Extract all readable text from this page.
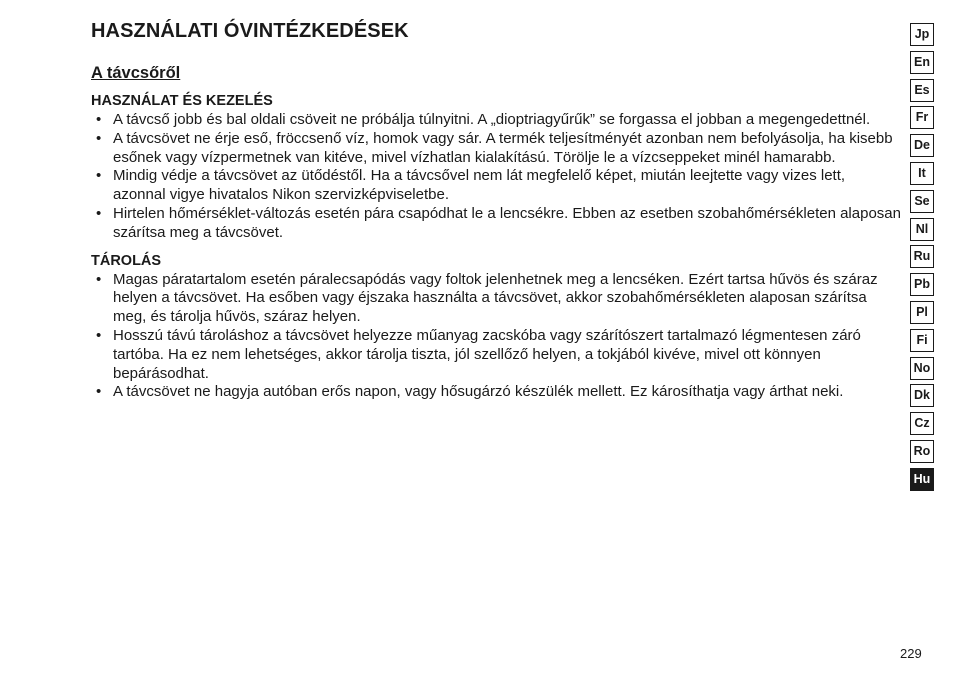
HASZNÁLATI ÓVINTÉZKEDÉSEK
A távcsőről
HASZNÁLAT ÉS KEZELÉS
• A távcső jobb és bal oldali csöveit ne próbálja túlnyitni. A „dioptriagyűrűk” se forgassa el jobban a megengedettnél.
• A távcsövet ne érje eső, fröccsenő víz, homok vagy sár. A termék teljesítményét azonban nem befolyásolja, ha kisebb esőnek vagy vízpermetnek van kitéve, mivel vízhatlan kialakítású. Törölje le a vízcseppeket minél hamarabb.
• Mindig védje a távcsövet az ütődéstől. Ha a távcsővel nem lát megfelelő képet, miután leejtette vagy vizes lett, azonnal vigye hivatalos Nikon szervizképviseletbe.
• Hirtelen hőmérséklet-változás esetén pára csapódhat le a lencsékre. Ebben az esetben szobahőmérsékleten alaposan szárítsa meg a távcsövet.
TÁROLÁS
• Magas páratartalom esetén páralecsapódás vagy foltok jelenhetnek meg a lencséken. Ezért tartsa hűvös és száraz helyen a távcsövet. Ha esőben vagy éjszaka használta a távcsövet, akkor szobahőmérsékleten alaposan szárítsa meg, és tárolja hűvös, száraz helyen.
• Hosszú távú tároláshoz a távcsövet helyezze műanyag zacskóba vagy szárítószert tartalmazó légmentesen záró tartóba. Ha ez nem lehetséges, akkor tárolja tiszta, jól szellőző helyen, a tokjából kivéve, mivel ott könnyen bepárásodhat.
• A távcsövet ne hagyja autóban erős napon, vagy hősugárzó készülék mellett. Ez károsíthatja vagy árthat neki.
Jp
En
Es
Fr
De
It
Se
Nl
Ru
Pb
Pl
Fi
No
Dk
Cz
Ro
Hu
229
